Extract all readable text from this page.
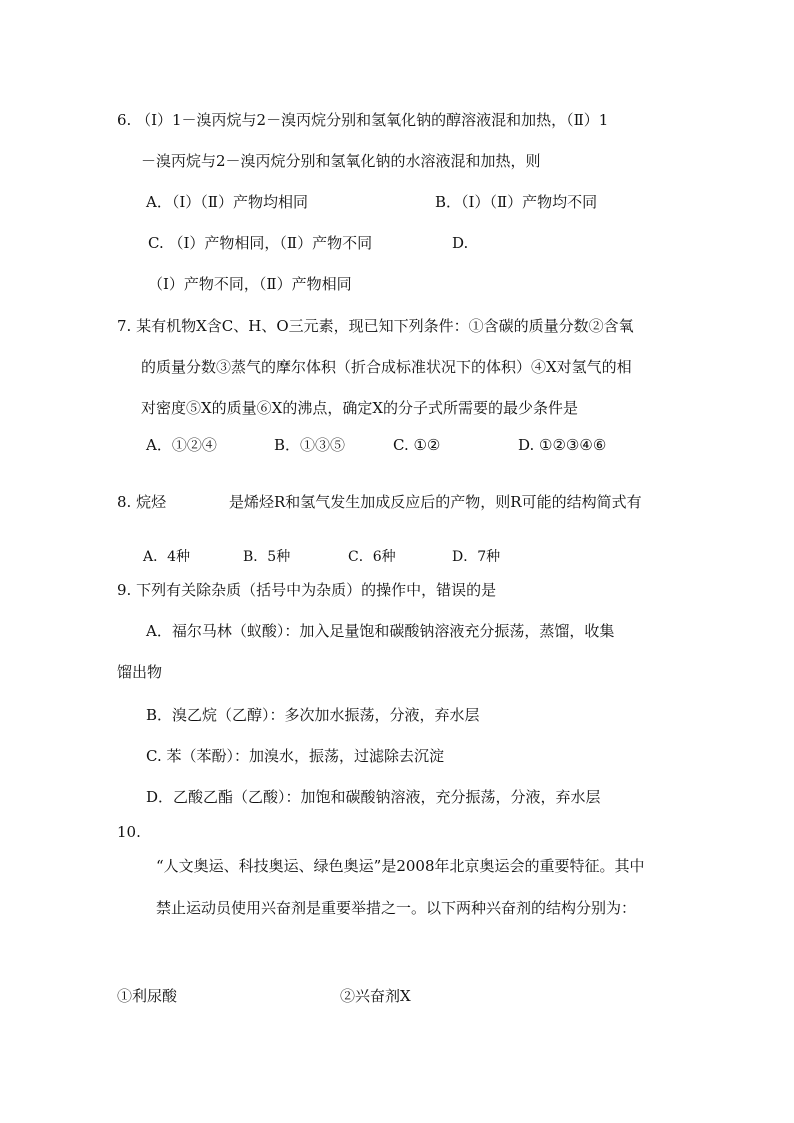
6. （Ⅰ）1－溴丙烷与2－溴丙烷分别和氢氧化钠的醇溶液混和加热，（Ⅱ）1
－溴丙烷与2－溴丙烷分别和氢氧化钠的水溶液混和加热，则
A．（Ⅰ）（Ⅱ）产物均相同	B．（Ⅰ）（Ⅱ）产物均不同
C. （Ⅰ）产物相同，（Ⅱ）产物不同	D.
（Ⅰ）产物不同，（Ⅱ）产物相同
7. 某有机物X含C、H、O三元素，现已知下列条件：①含碳的质量分数②含氧
的质量分数③蒸气的摩尔体积（折合成标准状况下的体积）④X对氢气的相
对密度⑤X的质量⑥X的沸点，确定X的分子式所需要的最少条件是
A．①②④	B．①③⑤	C. ①②	D. ①②③④⑥
8. 烷烃	是烯烃R和氢气发生加成反应后的产物，则R可能的结构简式有
A．4种	B．5种	C．6种	D．7种
9. 下列有关除杂质（括号中为杂质）的操作中，错误的是
A．福尔马林（蚁酸）：加入足量饱和碳酸钠溶液充分振荡，蒸馏，收集
馏出物
B．溴乙烷（乙醇）：多次加水振荡，分液，弃水层
C. 苯（苯酚）：加溴水，振荡，过滤除去沉淀
D．乙酸乙酯（乙酸）：加饱和碳酸钠溶液，充分振荡，分液，弃水层
10.
“人文奥运、科技奥运、绿色奥运”是2008年北京奥运会的重要特征。其中
禁止运动员使用兴奋剂是重要举措之一。以下两种兴奋剂的结构分别为：
①利尿酸	②兴奋剂X
